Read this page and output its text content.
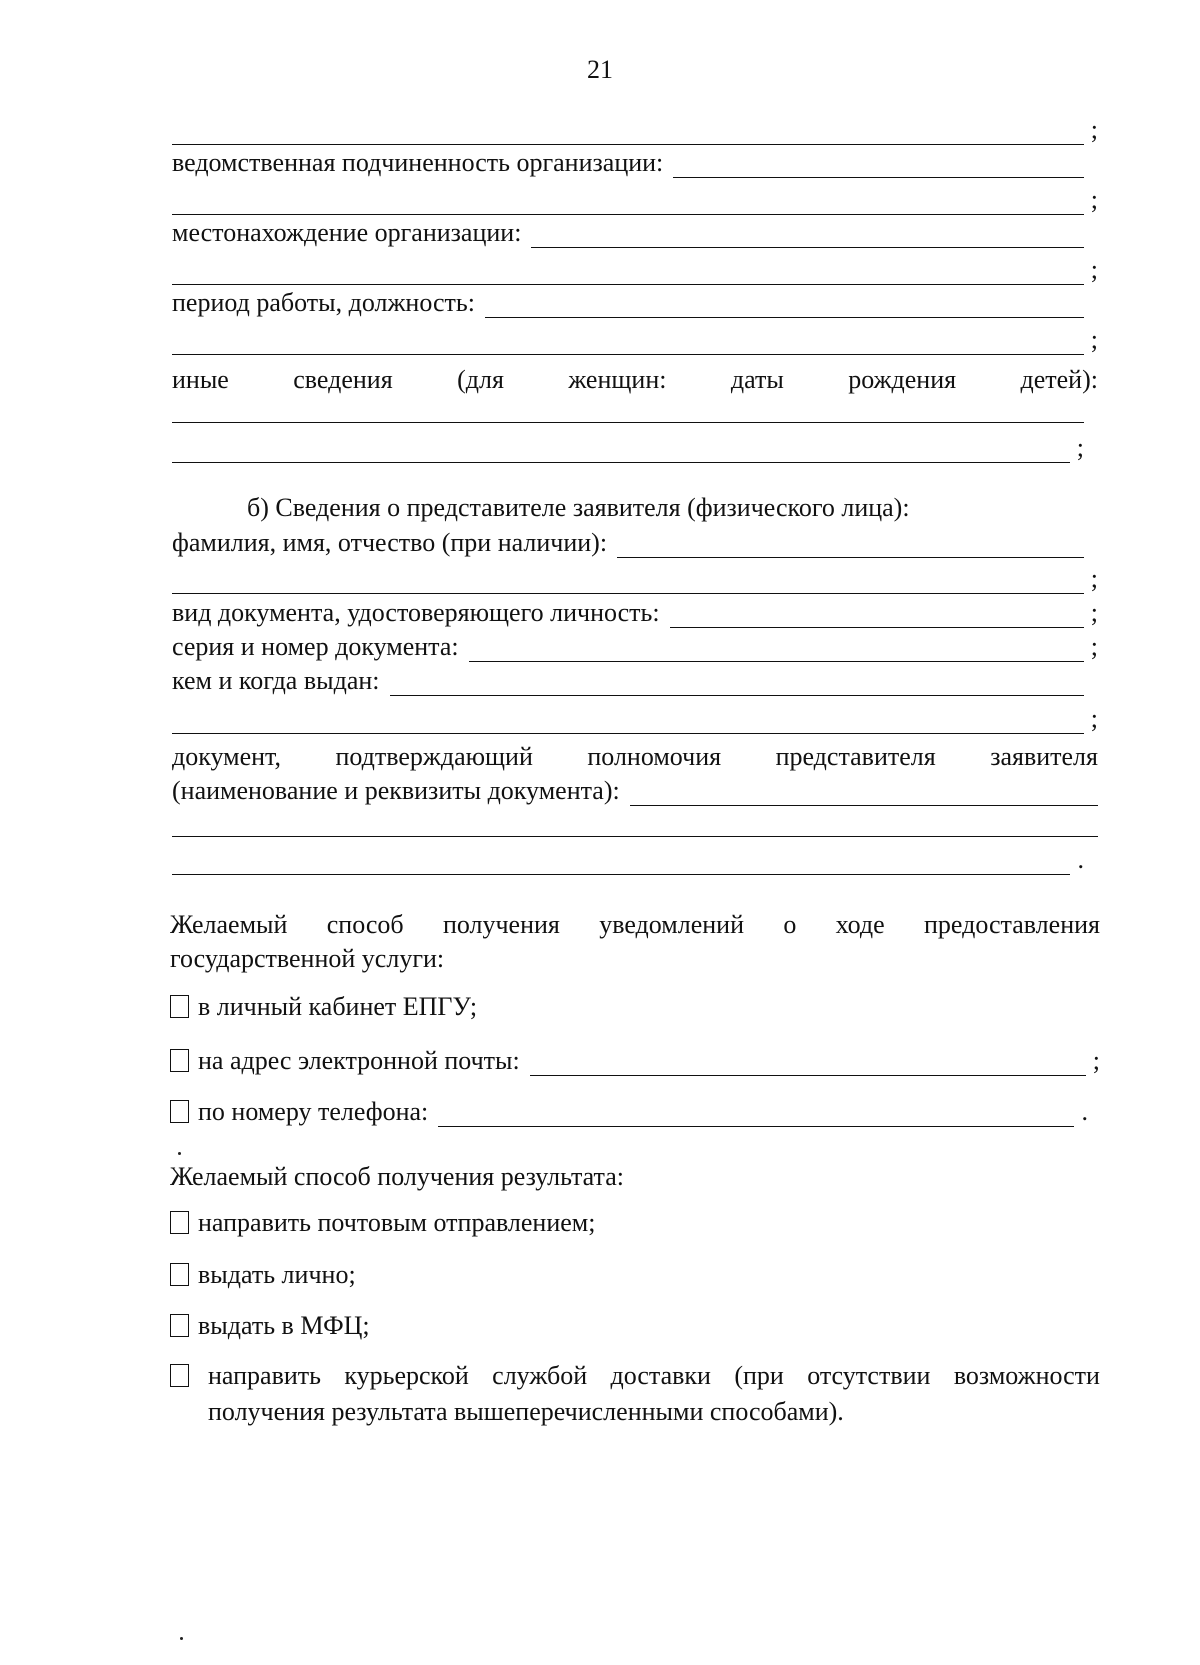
21
;
ведомственная подчиненность организации:
;
местонахождение организации:
;
период работы, должность:
;
иные сведения (для женщин: даты рождения детей):
;
б) Сведения о представителе заявителя (физического лица):
фамилия, имя, отчество (при наличии):
;
вид документа, удостоверяющего личность:	;
серия и номер документа:	;
кем и когда выдан:
;
документ, подтверждающий полномочия представителя заявителя
(наименование и реквизиты документа):
.
Желаемый способ получения уведомлений о ходе предоставления
государственной услуги:
в личный кабинет ЕПГУ;
на адрес электронной почты:	;
по номеру телефона:	.
Желаемый способ получения результата:
направить почтовым отправлением;
выдать лично;
выдать в МФЦ;
направить курьерской службой доставки (при отсутствии возможности
получения результата вышеперечисленными способами).
